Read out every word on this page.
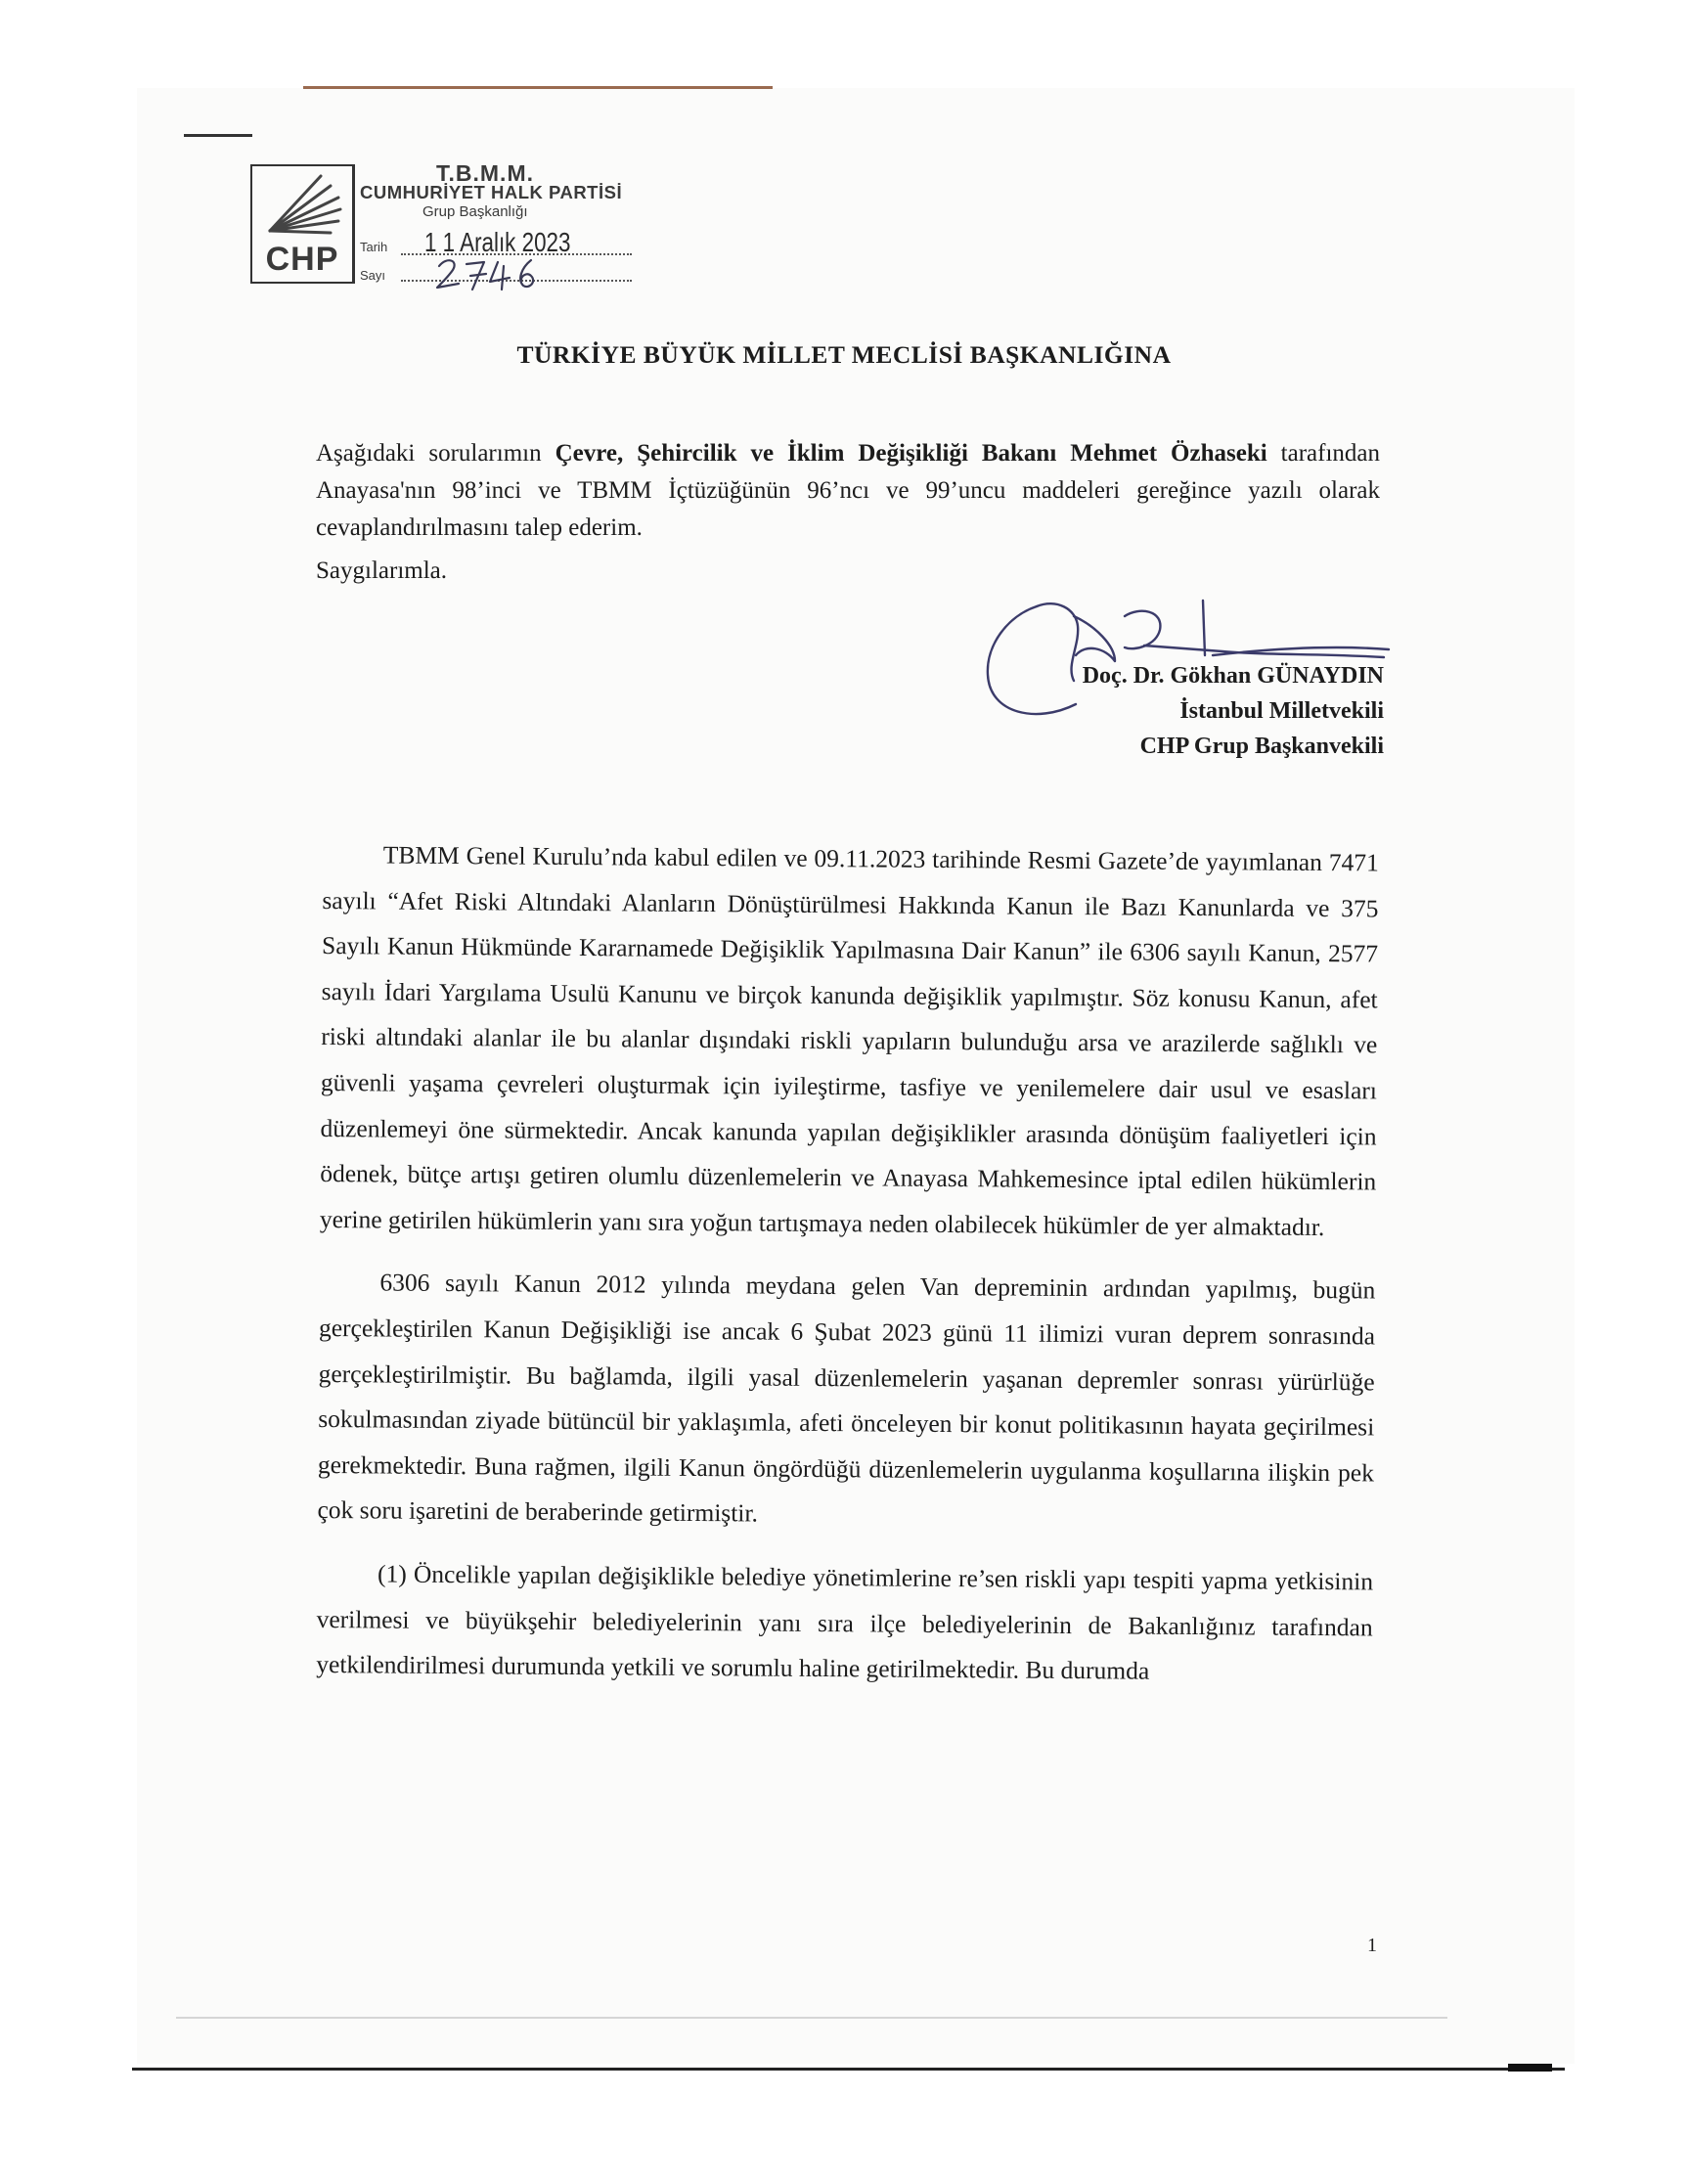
CHP
T.B.M.M.
CUMHURİYET HALK PARTİSİ
Grup Başkanlığı
Tarih 1 1 Aralık 2023
Sayı
TÜRKİYE BÜYÜK MİLLET MECLİSİ BAŞKANLIĞINA

Aşağıdaki sorularımın Çevre, Şehircilik ve İklim Değişikliği Bakanı Mehmet Özhaseki tarafından Anayasa'nın 98’inci ve TBMM İçtüzüğünün 96’ncı ve 99’uncu maddeleri gereğince yazılı olarak cevaplandırılmasını talep ederim.

Saygılarımla.
Doç. Dr. Gökhan GÜNAYDIN
İstanbul Milletvekili
CHP Grup Başkanvekili

TBMM Genel Kurulu’nda kabul edilen ve 09.11.2023 tarihinde Resmi Gazete’de yayımlanan 7471 sayılı “Afet Riski Altındaki Alanların Dönüştürülmesi Hakkında Kanun ile Bazı Kanunlarda ve 375 Sayılı Kanun Hükmünde Kararnamede Değişiklik Yapılmasına Dair Kanun” ile 6306 sayılı Kanun, 2577 sayılı İdari Yargılama Usulü Kanunu ve birçok kanunda değişiklik yapılmıştır. Söz konusu Kanun, afet riski altındaki alanlar ile bu alanlar dışındaki riskli yapıların bulunduğu arsa ve arazilerde sağlıklı ve güvenli yaşama çevreleri oluşturmak için iyileştirme, tasfiye ve yenilemelere dair usul ve esasları düzenlemeyi öne sürmektedir. Ancak kanunda yapılan değişiklikler arasında dönüşüm faaliyetleri için ödenek, bütçe artışı getiren olumlu düzenlemelerin ve Anayasa Mahkemesince iptal edilen hükümlerin yerine getirilen hükümlerin yanı sıra yoğun tartışmaya neden olabilecek hükümler de yer almaktadır.

6306 sayılı Kanun 2012 yılında meydana gelen Van depreminin ardından yapılmış, bugün gerçekleştirilen Kanun Değişikliği ise ancak 6 Şubat 2023 günü 11 ilimizi vuran deprem sonrasında gerçekleştirilmiştir. Bu bağlamda, ilgili yasal düzenlemelerin yaşanan depremler sonrası yürürlüğe sokulmasından ziyade bütüncül bir yaklaşımla, afeti önceleyen bir konut politikasının hayata geçirilmesi gerekmektedir. Buna rağmen, ilgili Kanun öngördüğü düzenlemelerin uygulanma koşullarına ilişkin pek çok soru işaretini de beraberinde getirmiştir.

(1) Öncelikle yapılan değişiklikle belediye yönetimlerine re’sen riskli yapı tespiti yapma yetkisinin verilmesi ve büyükşehir belediyelerinin yanı sıra ilçe belediyelerinin de Bakanlığınız tarafından yetkilendirilmesi durumunda yetkili ve sorumlu haline getirilmektedir. Bu durumda

1
